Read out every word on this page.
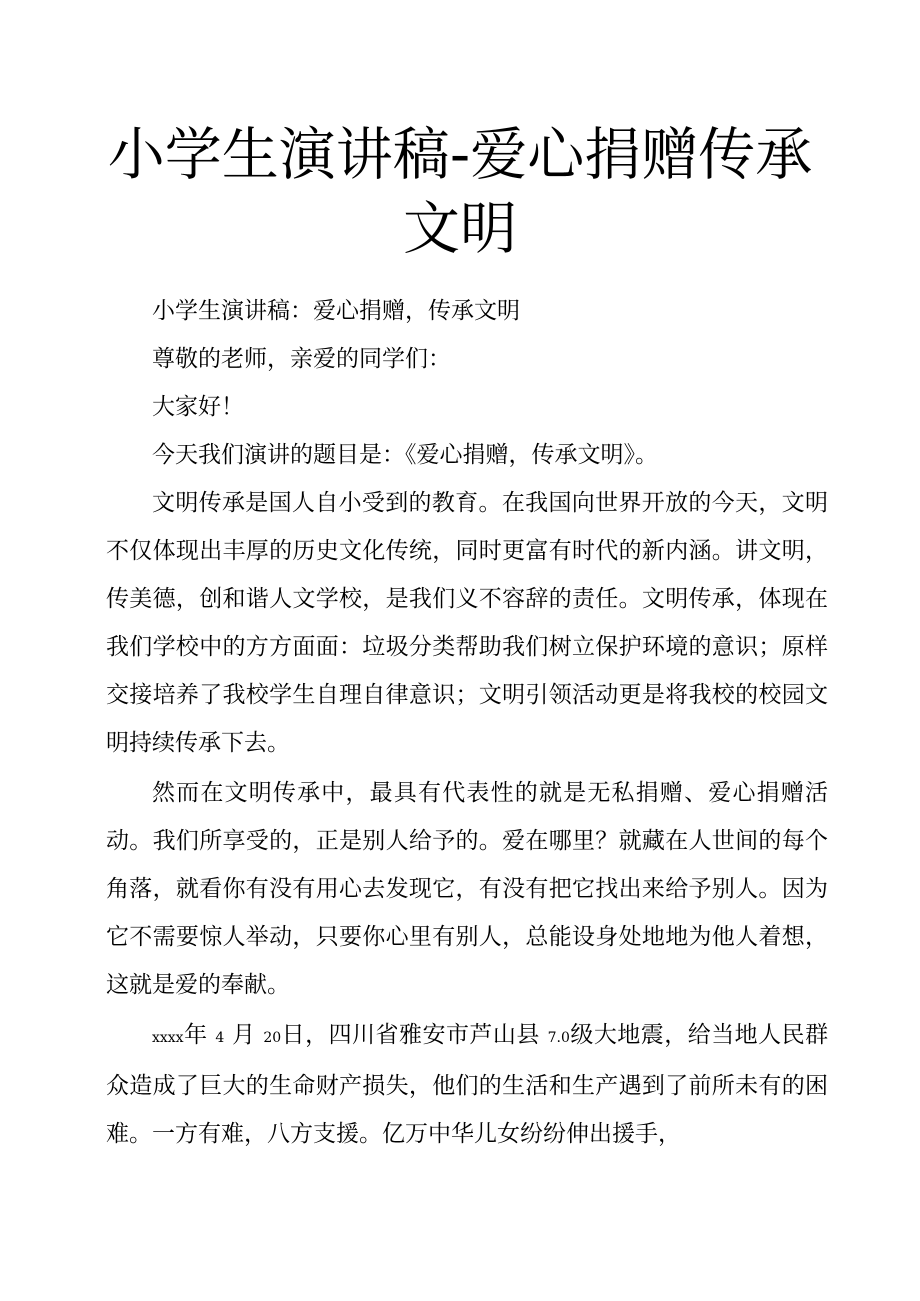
小学生演讲稿-爱心捐赠传承文明

小学生演讲稿：爱心捐赠，传承文明

尊敬的老师，亲爱的同学们：

大家好！

今天我们演讲的题目是：《爱心捐赠，传承文明》。

文明传承是国人自小受到的教育。在我国向世界开放的今天，文明不仅体现出丰厚的历史文化传统，同时更富有时代的新内涵。讲文明，传美德，创和谐人文学校，是我们义不容辞的责任。文明传承，体现在我们学校中的方方面面：垃圾分类帮助我们树立保护环境的意识；原样交接培养了我校学生自理自律意识；文明引领活动更是将我校的校园文明持续传承下去。

然而在文明传承中，最具有代表性的就是无私捐赠、爱心捐赠活动。我们所享受的，正是别人给予的。爱在哪里？就藏在人世间的每个角落，就看你有没有用心去发现它，有没有把它找出来给予别人。因为它不需要惊人举动，只要你心里有别人，总能设身处地地为他人着想，这就是爱的奉献。

xxxx年 4 月 20日，四川省雅安市芦山县 7.0级大地震，给当地人民群众造成了巨大的生命财产损失，他们的生活和生产遇到了前所未有的困难。一方有难，八方支援。亿万中华儿女纷纷伸出援手，
